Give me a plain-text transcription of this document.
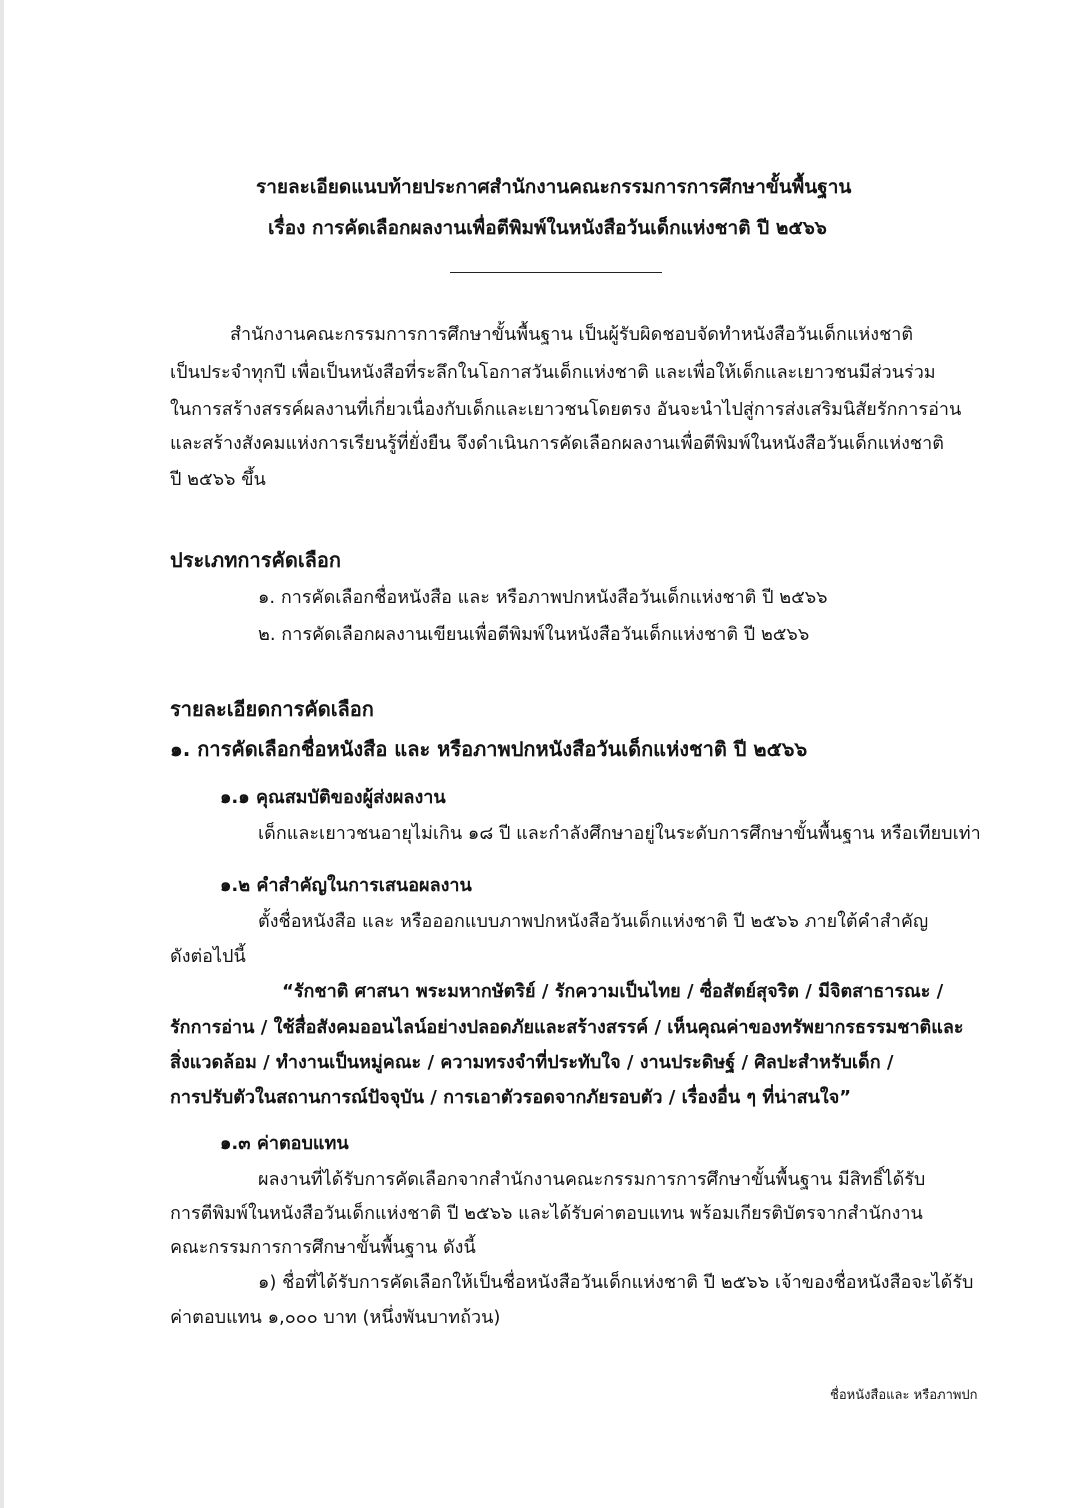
รายละเอียดแนบท้ายประกาศสำนักงานคณะกรรมการการศึกษาขั้นพื้นฐาน
เรื่อง การคัดเลือกผลงานเพื่อตีพิมพ์ในหนังสือวันเด็กแห่งชาติ ปี ๒๕๖๖
สำนักงานคณะกรรมการการศึกษาขั้นพื้นฐาน เป็นผู้รับผิดชอบจัดทำหนังสือวันเด็กแห่งชาติ
เป็นประจำทุกปี เพื่อเป็นหนังสือที่ระลึกในโอกาสวันเด็กแห่งชาติ และเพื่อให้เด็กและเยาวชนมีส่วนร่วม
ในการสร้างสรรค์ผลงานที่เกี่ยวเนื่องกับเด็กและเยาวชนโดยตรง อันจะนำไปสู่การส่งเสริมนิสัยรักการอ่าน
และสร้างสังคมแห่งการเรียนรู้ที่ยั่งยืน จึงดำเนินการคัดเลือกผลงานเพื่อตีพิมพ์ในหนังสือวันเด็กแห่งชาติ
ปี ๒๕๖๖ ขึ้น
ประเภทการคัดเลือก
๑. การคัดเลือกชื่อหนังสือ และ หรือภาพปกหนังสือวันเด็กแห่งชาติ ปี ๒๕๖๖
๒. การคัดเลือกผลงานเขียนเพื่อตีพิมพ์ในหนังสือวันเด็กแห่งชาติ ปี ๒๕๖๖
รายละเอียดการคัดเลือก
๑. การคัดเลือกชื่อหนังสือ และ หรือภาพปกหนังสือวันเด็กแห่งชาติ ปี ๒๕๖๖
๑.๑ คุณสมบัติของผู้ส่งผลงาน
เด็กและเยาวชนอายุไม่เกิน ๑๘ ปี และกำลังศึกษาอยู่ในระดับการศึกษาขั้นพื้นฐาน หรือเทียบเท่า
๑.๒ คำสำคัญในการเสนอผลงาน
ตั้งชื่อหนังสือ และ หรือออกแบบภาพปกหนังสือวันเด็กแห่งชาติ ปี ๒๕๖๖ ภายใต้คำสำคัญ
ดังต่อไปนี้
“รักชาติ ศาสนา พระมหากษัตริย์ / รักความเป็นไทย / ซื่อสัตย์สุจริต / มีจิตสาธารณะ /
รักการอ่าน / ใช้สื่อสังคมออนไลน์อย่างปลอดภัยและสร้างสรรค์ / เห็นคุณค่าของทรัพยากรธรรมชาติและ
สิ่งแวดล้อม / ทำงานเป็นหมู่คณะ / ความทรงจำที่ประทับใจ / งานประดิษฐ์ / ศิลปะสำหรับเด็ก /
การปรับตัวในสถานการณ์ปัจจุบัน / การเอาตัวรอดจากภัยรอบตัว / เรื่องอื่น ๆ ที่น่าสนใจ”
๑.๓ ค่าตอบแทน
ผลงานที่ได้รับการคัดเลือกจากสำนักงานคณะกรรมการการศึกษาขั้นพื้นฐาน มีสิทธิ์ได้รับ
การตีพิมพ์ในหนังสือวันเด็กแห่งชาติ ปี ๒๕๖๖ และได้รับค่าตอบแทน พร้อมเกียรติบัตรจากสำนักงาน
คณะกรรมการการศึกษาขั้นพื้นฐาน ดังนี้
๑) ชื่อที่ได้รับการคัดเลือกให้เป็นชื่อหนังสือวันเด็กแห่งชาติ ปี ๒๕๖๖ เจ้าของชื่อหนังสือจะได้รับ
ค่าตอบแทน ๑,๐๐๐ บาท (หนึ่งพันบาทถ้วน)
ชื่อหนังสือและ หรือภาพปก
